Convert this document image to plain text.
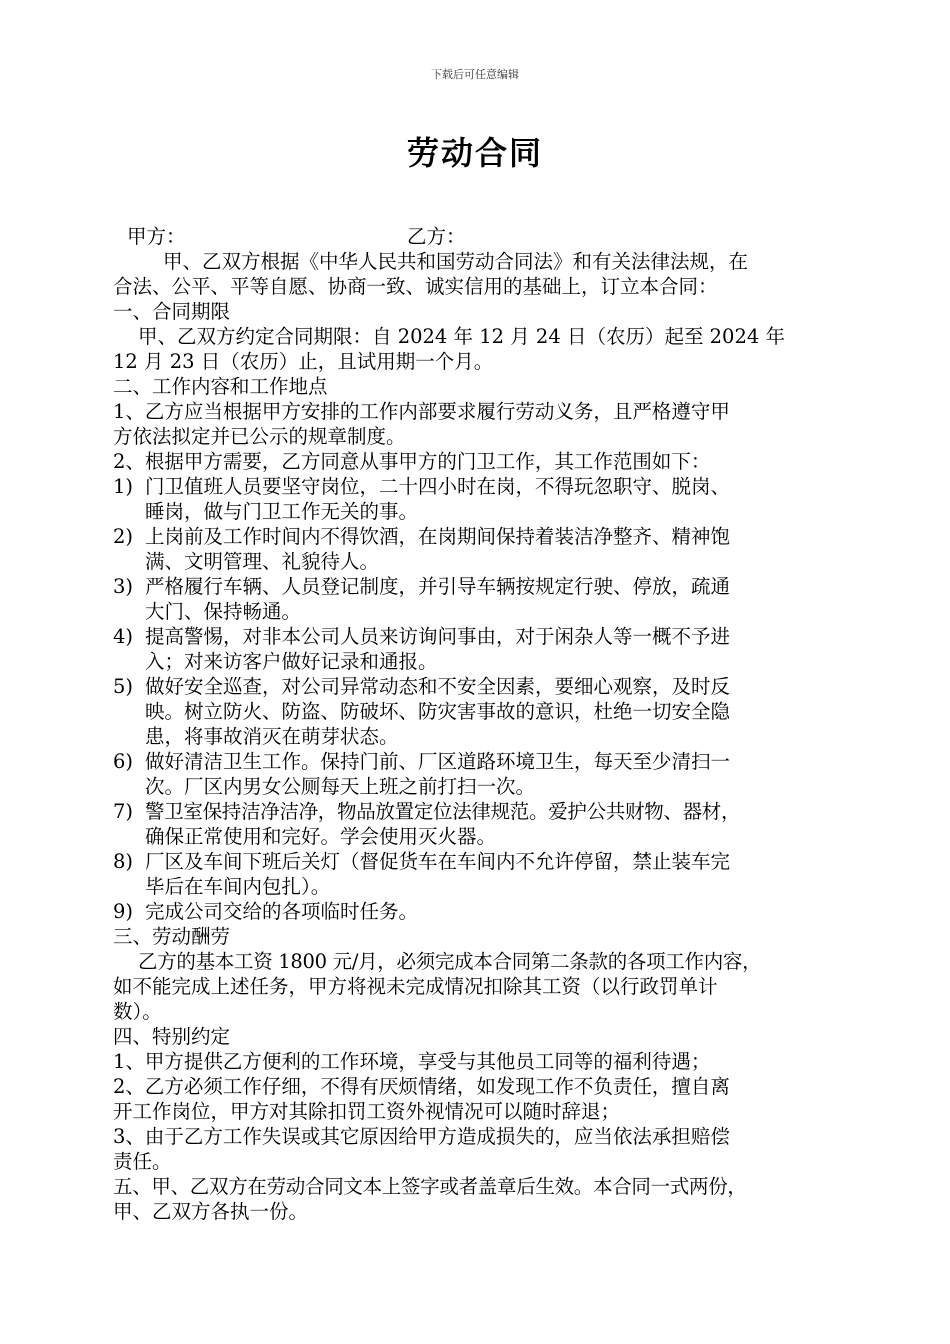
下载后可任意编辑
劳动合同
甲方：	乙方：
甲、乙双方根据《中华人民共和国劳动合同法》和有关法律法规，在
合法、公平、平等自愿、协商一致、诚实信用的基础上，订立本合同：
一、合同期限
甲、乙双方约定合同期限：自 2024 年 12 月 24 日（农历）起至 2024 年
12 月 23 日（农历）止，且试用期一个月。
二、工作内容和工作地点
1、乙方应当根据甲方安排的工作内部要求履行劳动义务，且严格遵守甲
方依法拟定并已公示的规章制度。
2、根据甲方需要，乙方同意从事甲方的门卫工作，其工作范围如下：
1) 门卫值班人员要坚守岗位，二十四小时在岗，不得玩忽职守、脱岗、
睡岗，做与门卫工作无关的事。
2) 上岗前及工作时间内不得饮酒，在岗期间保持着装洁净整齐、精神饱
满、文明管理、礼貌待人。
3) 严格履行车辆、人员登记制度，并引导车辆按规定行驶、停放，疏通
大门、保持畅通。
4) 提高警惕，对非本公司人员来访询问事由，对于闲杂人等一概不予进
入；对来访客户做好记录和通报。
5) 做好安全巡查，对公司异常动态和不安全因素，要细心观察，及时反
映。树立防火、防盗、防破坏、防灾害事故的意识，杜绝一切安全隐
患，将事故消灭在萌芽状态。
6) 做好清洁卫生工作。保持门前、厂区道路环境卫生，每天至少清扫一
次。厂区内男女公厕每天上班之前打扫一次。
7) 警卫室保持洁净洁净，物品放置定位法律规范。爱护公共财物、器材，
确保正常使用和完好。学会使用灭火器。
8) 厂区及车间下班后关灯（督促货车在车间内不允许停留，禁止装车完
毕后在车间内包扎）。
9) 完成公司交给的各项临时任务。
三、劳动酬劳
乙方的基本工资 1800 元/月，必须完成本合同第二条款的各项工作内容，
如不能完成上述任务，甲方将视未完成情况扣除其工资（以行政罚单计
数）。
四、特别约定
1、甲方提供乙方便利的工作环境，享受与其他员工同等的福利待遇；
2、乙方必须工作仔细，不得有厌烦情绪，如发现工作不负责任，擅自离
开工作岗位，甲方对其除扣罚工资外视情况可以随时辞退；
3、由于乙方工作失误或其它原因给甲方造成损失的，应当依法承担赔偿
责任。
五、甲、乙双方在劳动合同文本上签字或者盖章后生效。本合同一式两份，
甲、乙双方各执一份。
